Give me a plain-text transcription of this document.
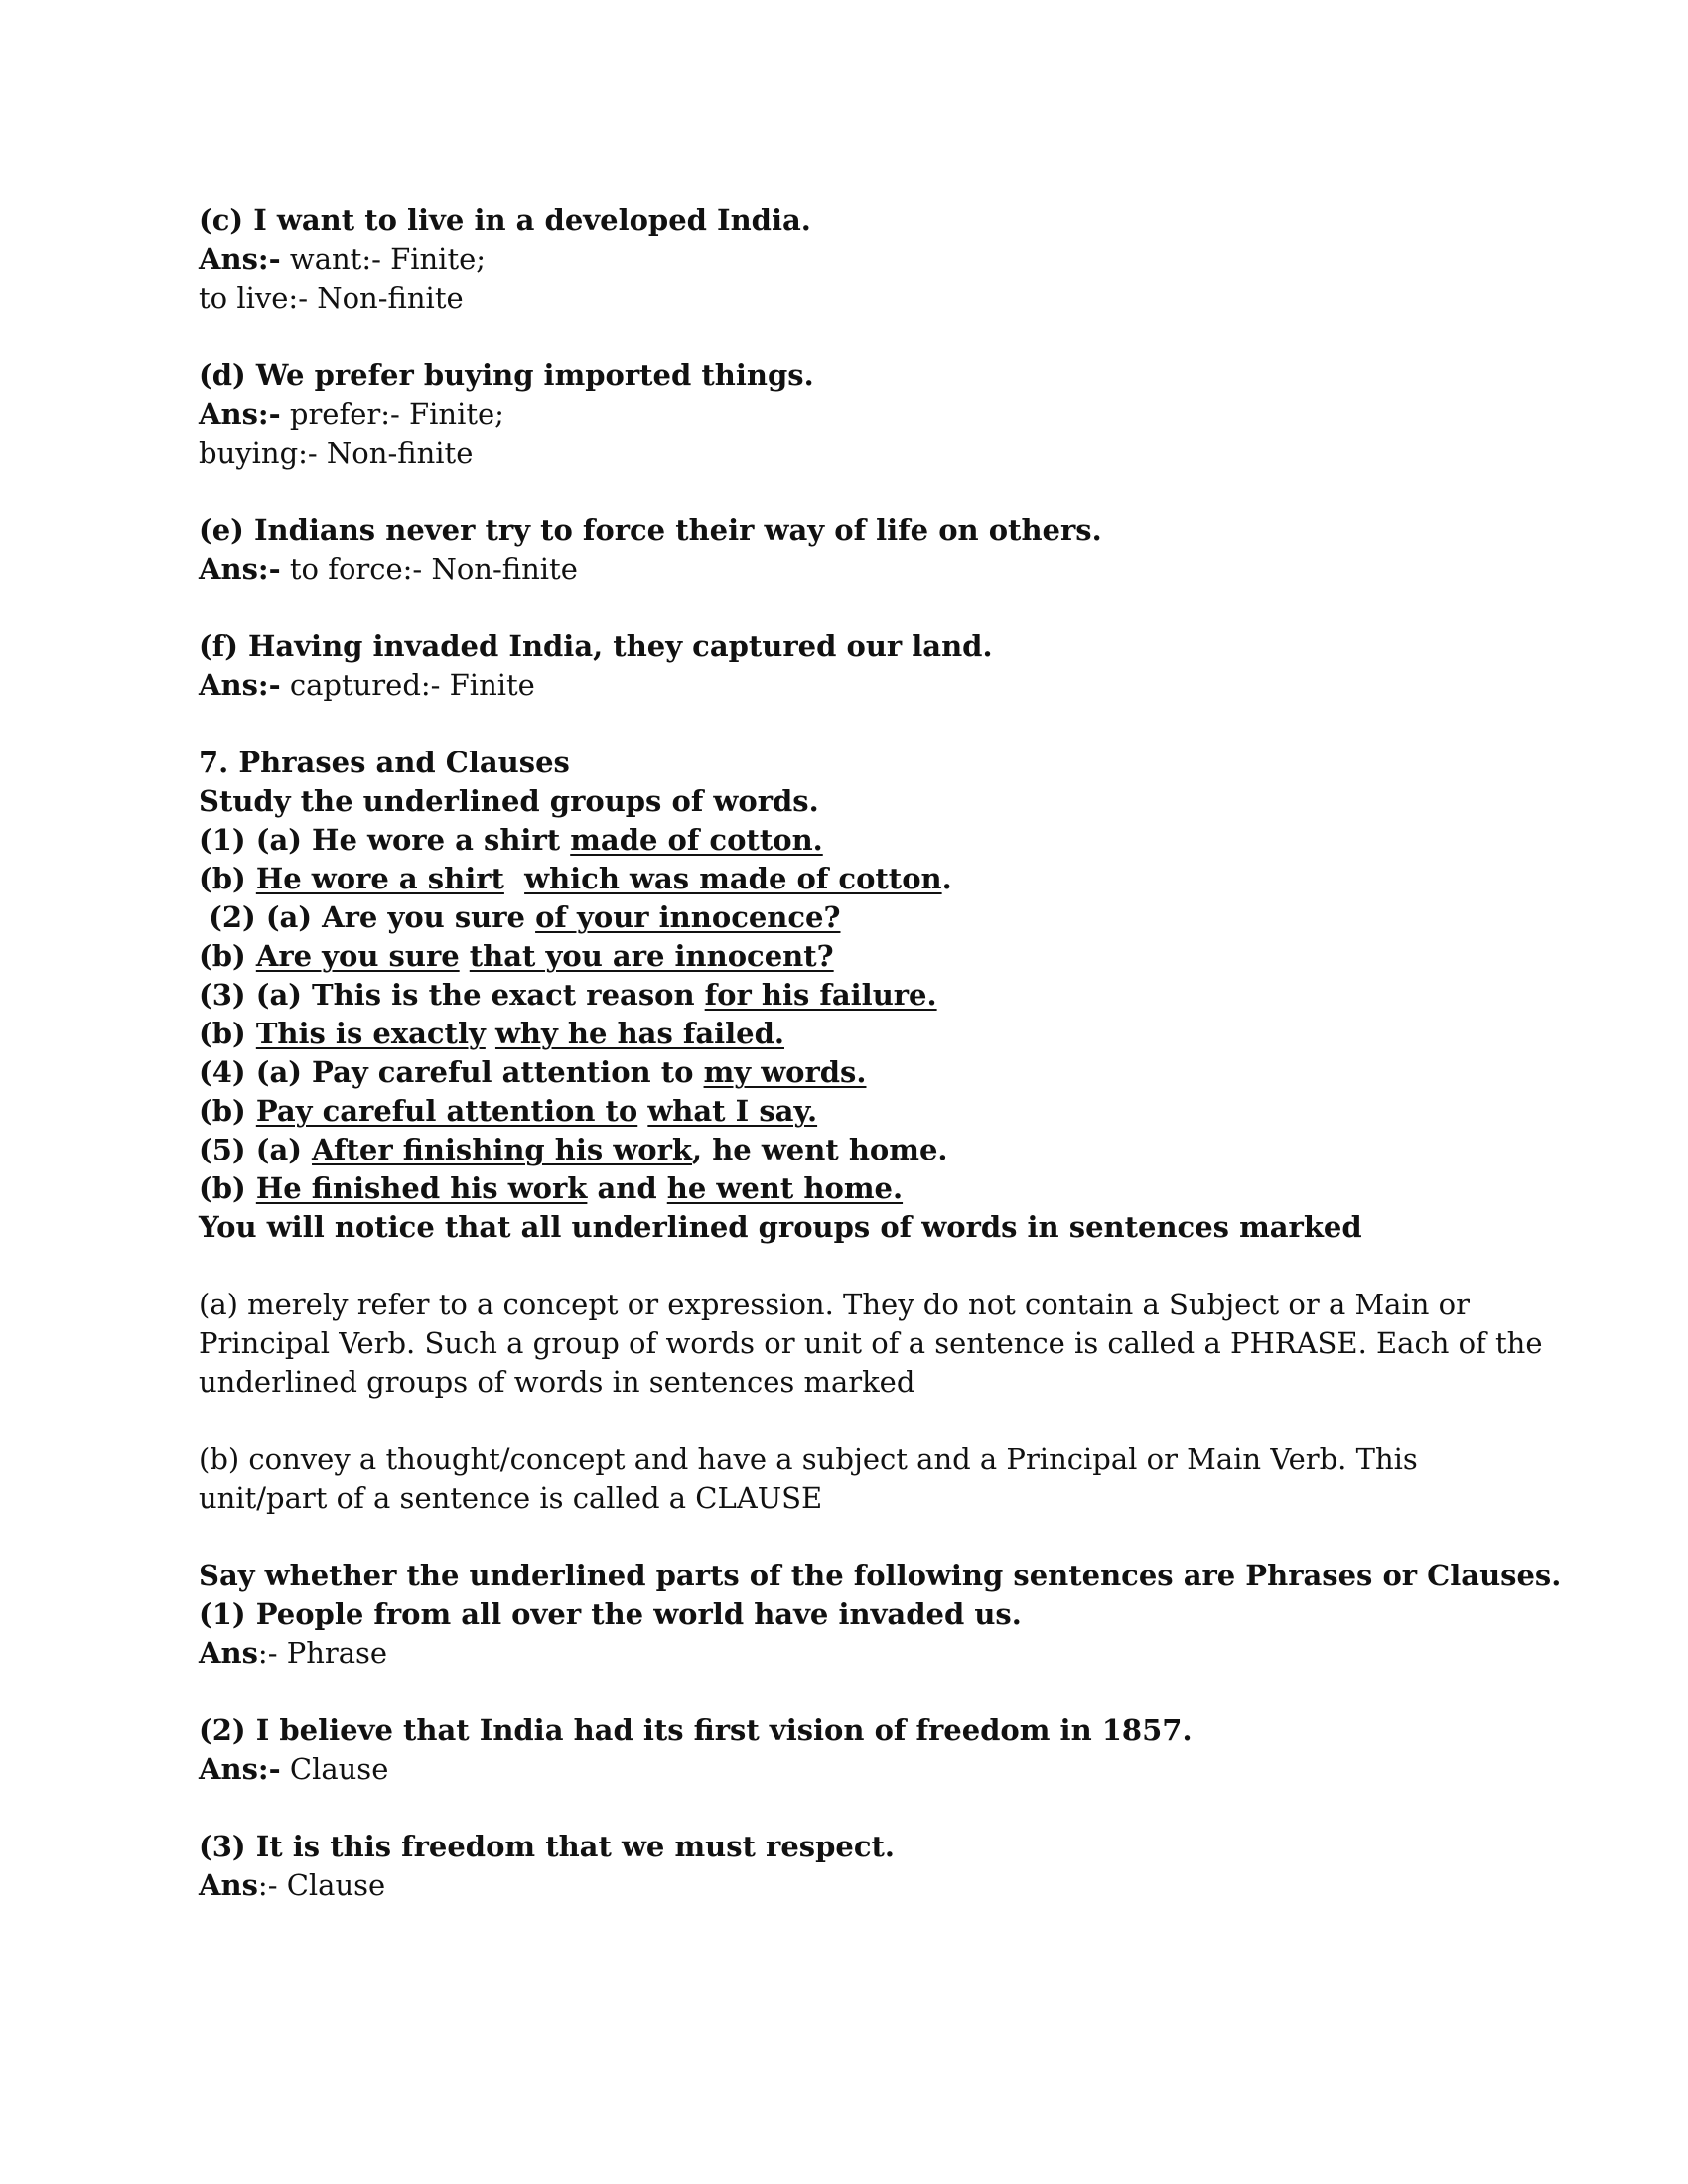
(c) I want to live in a developed India.
Ans:- want:- Finite;
to live:- Non-finite
(d) We prefer buying imported things.
Ans:- prefer:- Finite;
buying:- Non-finite
(e) Indians never try to force their way of life on others.
Ans:- to force:- Non-finite
(f) Having invaded India, they captured our land.
Ans:- captured:- Finite
7. Phrases and Clauses
Study the underlined groups of words.
(1) (a) He wore a shirt made of cotton.
(b) He wore a shirt which was made of cotton.
(2) (a) Are you sure of your innocence?
(b) Are you sure that you are innocent?
(3) (a) This is the exact reason for his failure.
(b) This is exactly why he has failed.
(4) (a) Pay careful attention to my words.
(b) Pay careful attention to what I say.
(5) (a) After finishing his work, he went home.
(b) He finished his work and he went home.
You will notice that all underlined groups of words in sentences marked
(a) merely refer to a concept or expression. They do not contain a Subject or a Main or
Principal Verb. Such a group of words or unit of a sentence is called a PHRASE. Each of the
underlined groups of words in sentences marked
(b) convey a thought/concept and have a subject and a Principal or Main Verb. This
unit/part of a sentence is called a CLAUSE
Say whether the underlined parts of the following sentences are Phrases or Clauses.
(1) People from all over the world have invaded us.
Ans:- Phrase
(2) I believe that India had its first vision of freedom in 1857.
Ans:- Clause
(3) It is this freedom that we must respect.
Ans:- Clause
